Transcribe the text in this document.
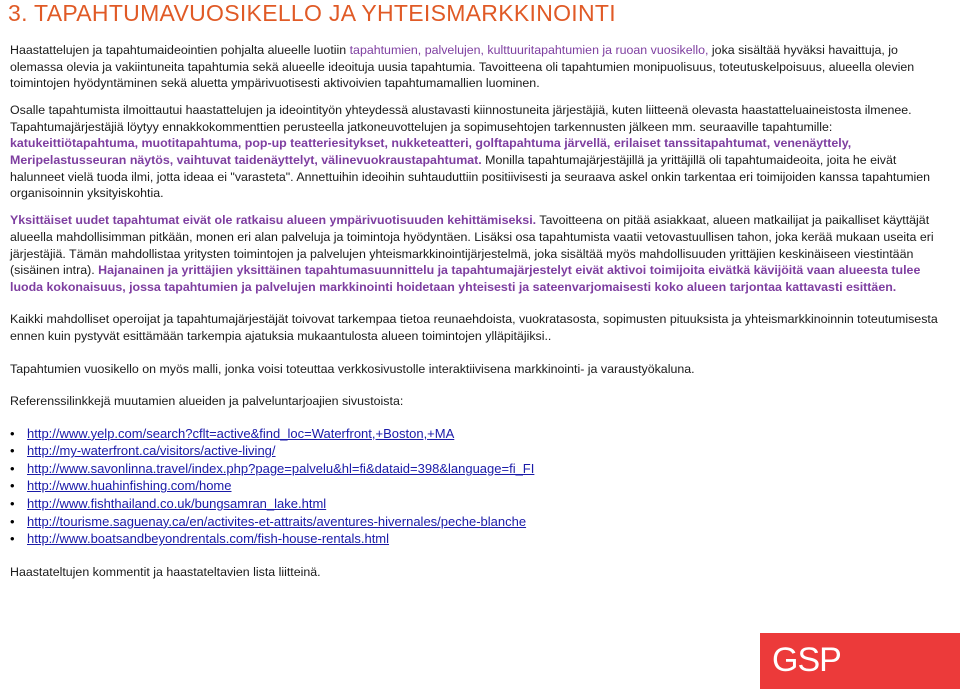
3. TAPAHTUMAVUOSIKELLO JA YHTEISMARKKINOINTI

Haastattelujen ja tapahtumaideointien pohjalta alueelle luotiin tapahtumien, palvelujen, kulttuuritapahtumien ja ruoan vuosikello, joka sisältää hyväksi havaittuja, jo olemassa olevia ja vakiintuneita tapahtumia sekä alueelle ideoituja uusia tapahtumia. Tavoitteena oli tapahtumien monipuolisuus, toteutuskelpoisuus, alueella olevien toimintojen hyödyntäminen sekä aluetta ympärivuotisesti aktivoivien tapahtumamallien luominen.

Osalle tapahtumista ilmoittautui haastattelujen ja ideointityön yhteydessä alustavasti kiinnostuneita järjestäjiä, kuten liitteenä olevasta haastatteluaineistosta ilmenee. Tapahtumajärjestäjiä löytyy ennakkokommenttien perusteella jatkoneuvottelujen ja sopimusehtojen tarkennusten jälkeen mm. seuraaville tapahtumille: katukeittiötapahtuma, muotitapahtuma, pop-up teatteriesitykset, nukketeatteri, golftapahtuma järvellä, erilaiset tanssitapahtumat, venenäyttely, Meripelastusseuran näytös, vaihtuvat taidenäyttelyt, välinevuokraustapahtumat. Monilla tapahtumajärjestäjillä ja yrittäjillä oli tapahtumaideoita, joita he eivät halunneet vielä tuoda ilmi, jotta ideaa ei "varasteta". Annettuihin ideoihin suhtauduttiin positiivisesti ja seuraava askel onkin tarkentaa eri toimijoiden kanssa tapahtumien organisoinnin yksityiskohtia.

Yksittäiset uudet tapahtumat eivät ole ratkaisu alueen ympärivuotisuuden kehittämiseksi. Tavoitteena on pitää asiakkaat, alueen matkailijat ja paikalliset käyttäjät alueella mahdollisimman pitkään, monen eri alan palveluja ja toimintoja hyödyntäen. Lisäksi osa tapahtumista vaatii vetovastuullisen tahon, joka kerää mukaan useita eri järjestäjiä. Tämän mahdollistaa yritysten toimintojen ja palvelujen yhteismarkkinointijärjestelmä, joka sisältää myös mahdollisuuden yrittäjien keskinäiseen viestintään (sisäinen intra). Hajanainen ja yrittäjien yksittäinen tapahtumasuunnittelu ja tapahtumajärjestelyt eivät aktivoi toimijoita eivätkä kävijöitä vaan alueesta tulee luoda kokonaisuus, jossa tapahtumien ja palvelujen markkinointi hoidetaan yhteisesti ja sateenvarjomaisesti koko alueen tarjontaa kattavasti esittäen.

Kaikki mahdolliset operoijat ja tapahtumajärjestäjät toivovat tarkempaa tietoa reunaehdoista, vuokratasosta, sopimusten pituuksista ja yhteismarkkinoinnin toteutumisesta ennen kuin pystyvät esittämään tarkempia ajatuksia mukaantulosta alueen toimintojen ylläpitäjiksi..

Tapahtumien vuosikello on myös malli, jonka voisi toteuttaa verkkosivustolle interaktiivisena markkinointi- ja varaustyökaluna.

Referenssilinkkejä muutamien alueiden ja palveluntarjoajien sivustoista:

• http://www.yelp.com/search?cflt=active&find_loc=Waterfront,+Boston,+MA
• http://my-waterfront.ca/visitors/active-living/
• http://www.savonlinna.travel/index.php?page=palvelu&hl=fi&dataid=398&language=fi_FI
• http://www.huahinfishing.com/home
• http://www.fishthailand.co.uk/bungsamran_lake.html
• http://tourisme.saguenay.ca/en/activites-et-attraits/aventures-hivernales/peche-blanche
• http://www.boatsandbeyondrentals.com/fish-house-rentals.html

Haastateltujen kommentit ja haastateltavien lista liitteinä.

GSP
